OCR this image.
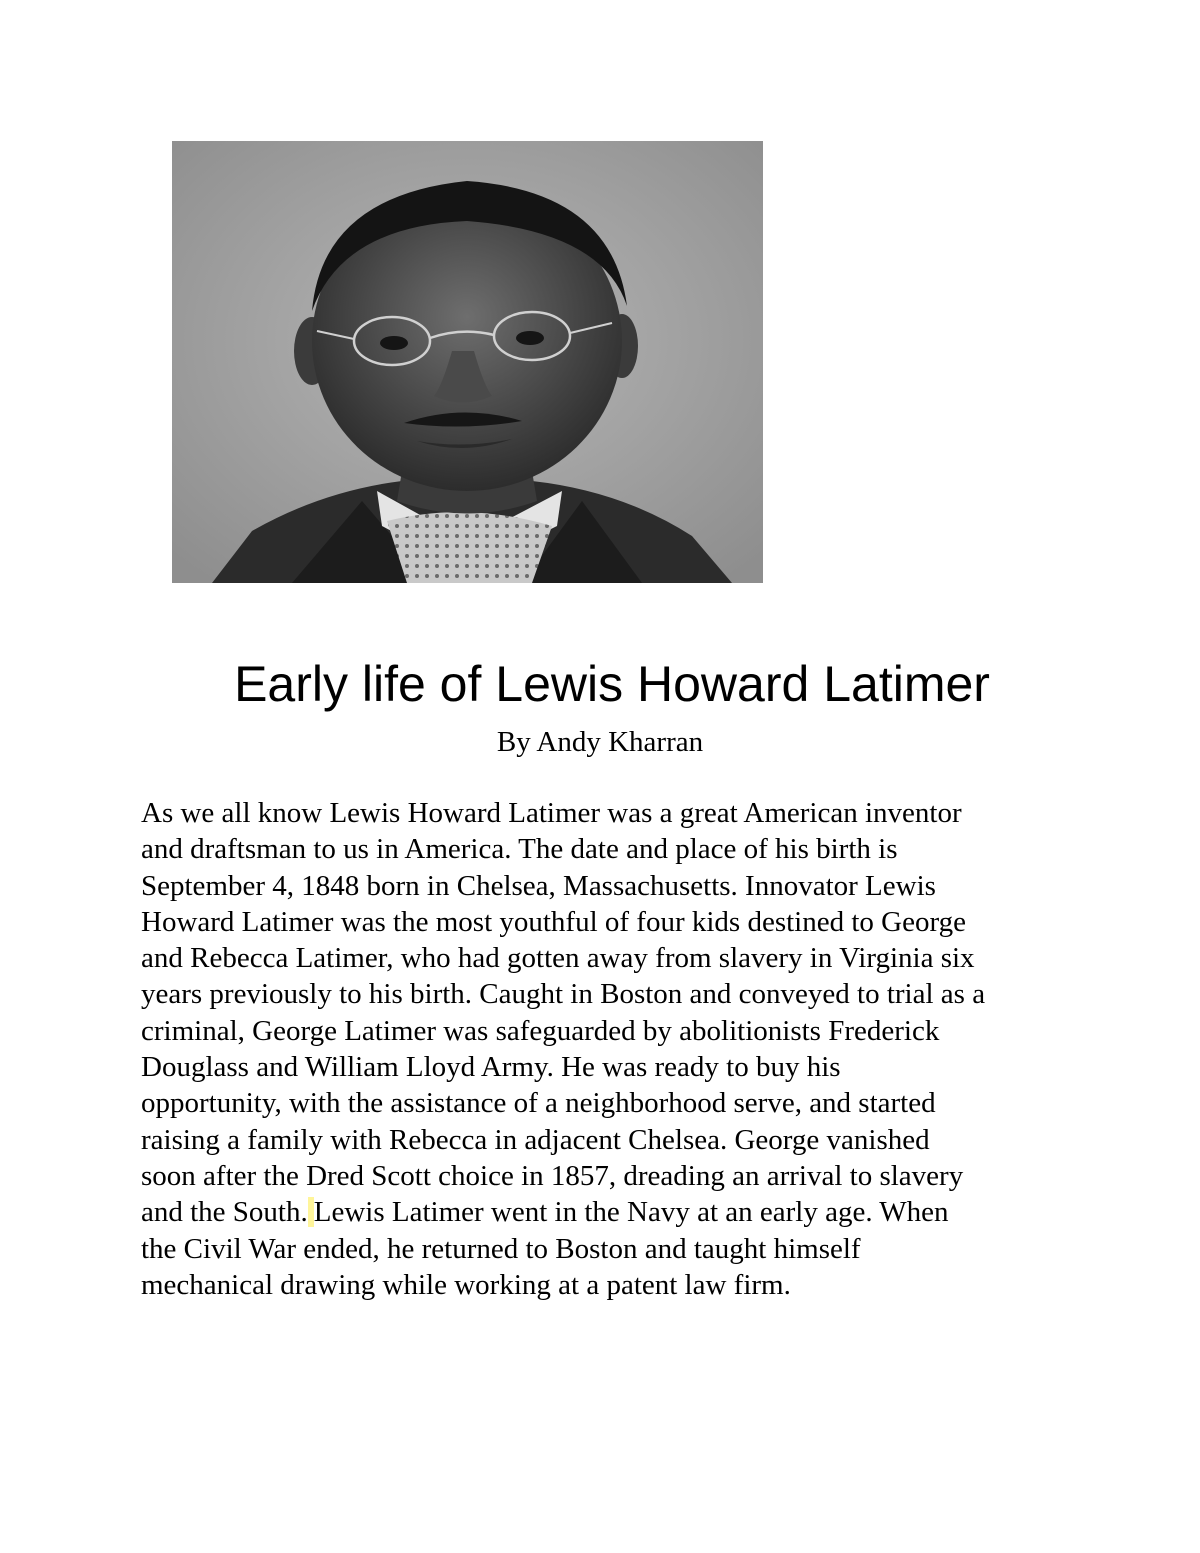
Early life of Lewis Howard Latimer
By Andy Kharran

As we all know Lewis Howard Latimer was a great American inventor
and draftsman to us in America. The date and place of his birth is
September 4, 1848 born in Chelsea, Massachusetts. Innovator Lewis
Howard Latimer was the most youthful of four kids destined to George
and Rebecca Latimer, who had gotten away from slavery in Virginia six
years previously to his birth. Caught in Boston and conveyed to trial as a
criminal, George Latimer was safeguarded by abolitionists Frederick
Douglass and William Lloyd Army. He was ready to buy his
opportunity, with the assistance of a neighborhood serve, and started
raising a family with Rebecca in adjacent Chelsea. George vanished
soon after the Dred Scott choice in 1857, dreading an arrival to slavery
and the South. Lewis Latimer went in the Navy at an early age. When
the Civil War ended, he returned to Boston and taught himself
mechanical drawing while working at a patent law firm.
